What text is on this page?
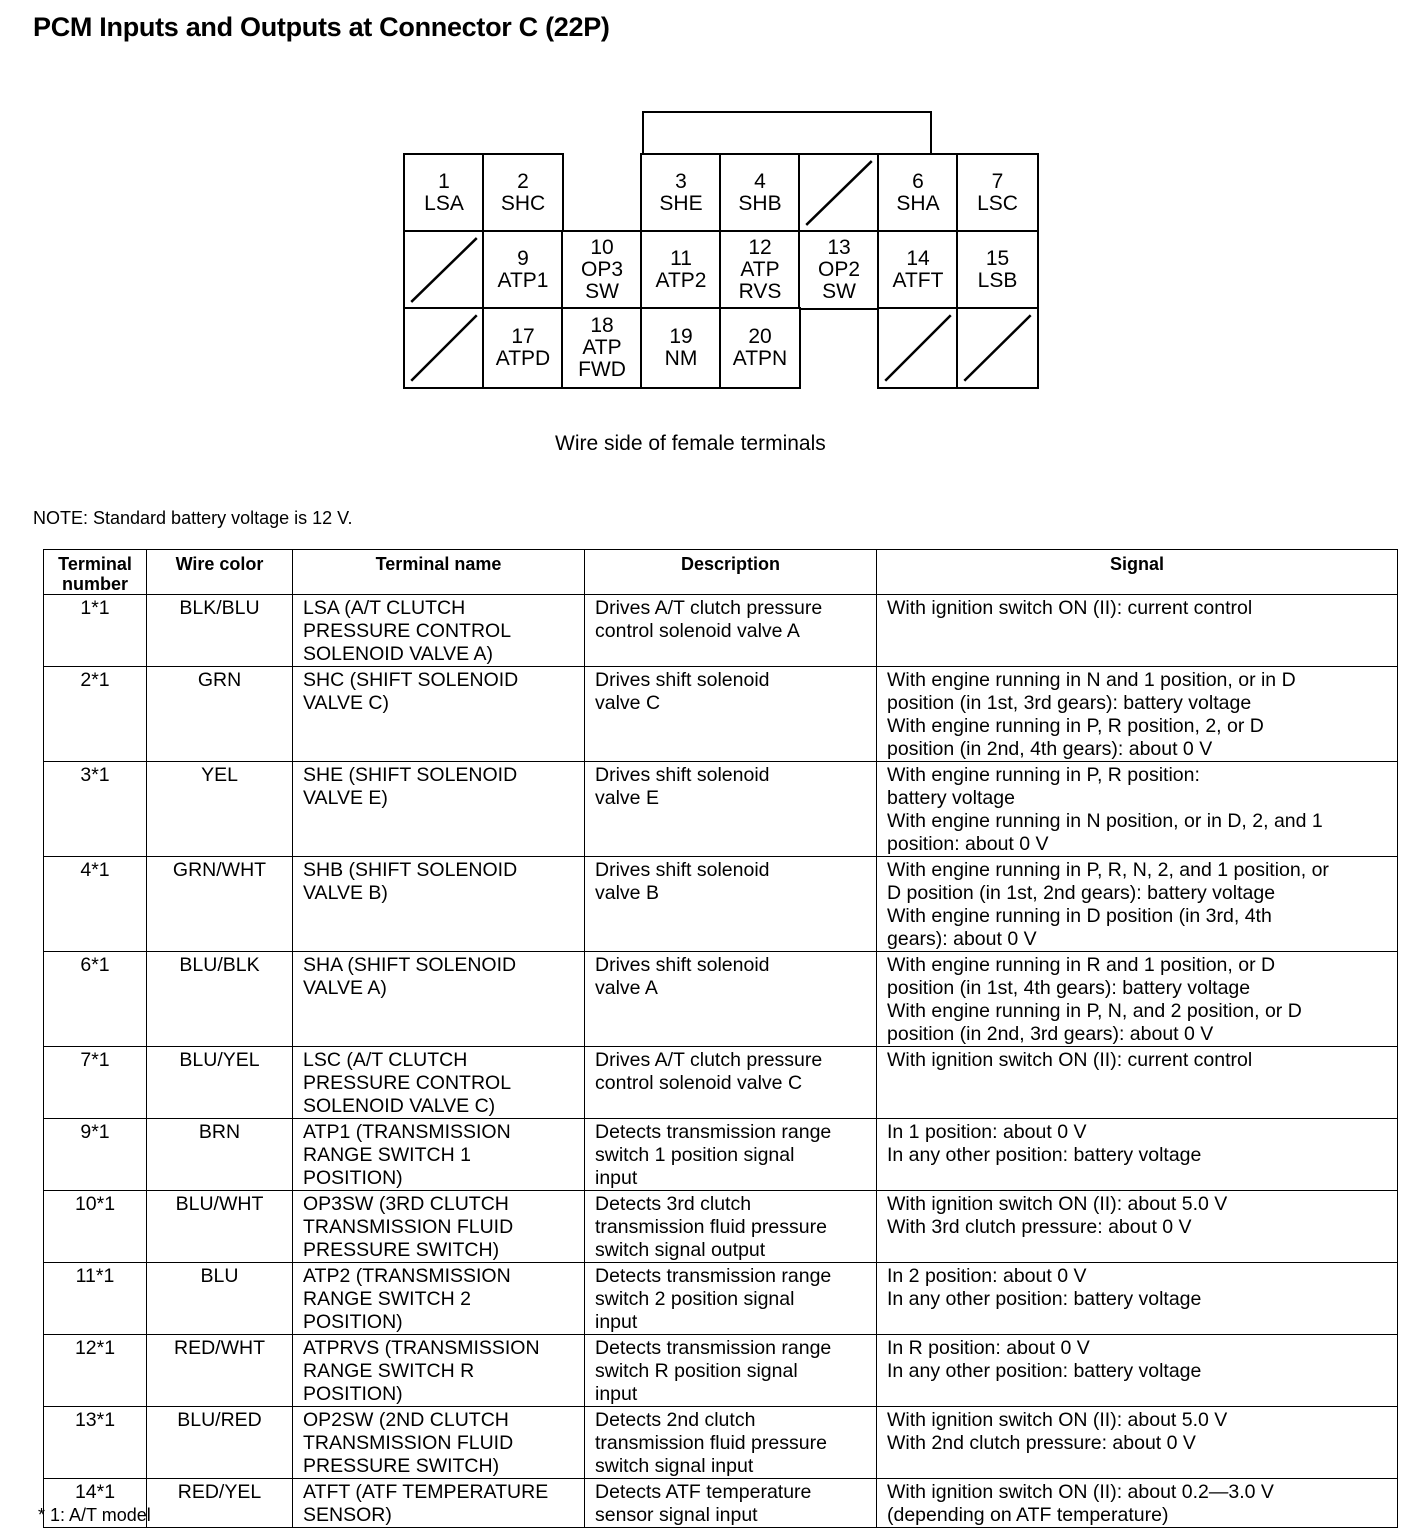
PCM Inputs and Outputs at Connector C (22P)
1
LSA
2
SHC
3
SHE
4
SHB
6
SHA
7
LSC
9
ATP1
10
OP3
SW
11
ATP2
12
ATP
RVS
13
OP2
SW
14
ATFT
15
LSB
17
ATPD
18
ATP
FWD
19
NM
20
ATPN
Wire side of female terminals
NOTE: Standard battery voltage is 12 V.
Terminal number	Wire color	Terminal name	Description	Signal
1*1	BLK/BLU	LSA (A/T CLUTCH
PRESSURE CONTROL
SOLENOID VALVE A)	Drives A/T clutch pressure
control solenoid valve A	With ignition switch ON (II): current control

2*1	GRN	SHC (SHIFT SOLENOID
VALVE C)	Drives shift solenoid
valve C	With engine running in N and 1 position, or in D
position (in 1st, 3rd gears): battery voltage
With engine running in P, R position, 2, or D
position (in 2nd, 4th gears): about 0 V

3*1	YEL	SHE (SHIFT SOLENOID
VALVE E)	Drives shift solenoid
valve E	With engine running in P, R position:
battery voltage
With engine running in N position, or in D, 2, and 1
position: about 0 V

4*1	GRN/WHT	SHB (SHIFT SOLENOID
VALVE B)	Drives shift solenoid
valve B	With engine running in P, R, N, 2, and 1 position, or
D position (in 1st, 2nd gears): battery voltage
With engine running in D position (in 3rd, 4th
gears): about 0 V

6*1	BLU/BLK	SHA (SHIFT SOLENOID
VALVE A)	Drives shift solenoid
valve A	With engine running in R and 1 position, or D
position (in 1st, 4th gears): battery voltage
With engine running in P, N, and 2 position, or D
position (in 2nd, 3rd gears): about 0 V

7*1	BLU/YEL	LSC (A/T CLUTCH
PRESSURE CONTROL
SOLENOID VALVE C)	Drives A/T clutch pressure
control solenoid valve C	With ignition switch ON (II): current control

9*1	BRN	ATP1 (TRANSMISSION
RANGE SWITCH 1
POSITION)	Detects transmission range
switch 1 position signal
input	In 1 position: about 0 V
In any other position: battery voltage

10*1	BLU/WHT	OP3SW (3RD CLUTCH
TRANSMISSION FLUID
PRESSURE SWITCH)	Detects 3rd clutch
transmission fluid pressure
switch signal output	With ignition switch ON (II): about 5.0 V
With 3rd clutch pressure: about 0 V

11*1	BLU	ATP2 (TRANSMISSION
RANGE SWITCH 2
POSITION)	Detects transmission range
switch 2 position signal
input	In 2 position: about 0 V
In any other position: battery voltage

12*1	RED/WHT	ATPRVS (TRANSMISSION
RANGE SWITCH R
POSITION)	Detects transmission range
switch R position signal
input	In R position: about 0 V
In any other position: battery voltage

13*1	BLU/RED	OP2SW (2ND CLUTCH
TRANSMISSION FLUID
PRESSURE SWITCH)	Detects 2nd clutch
transmission fluid pressure
switch signal input	With ignition switch ON (II): about 5.0 V
With 2nd clutch pressure: about 0 V

14*1	RED/YEL	ATFT (ATF TEMPERATURE
SENSOR)	Detects ATF temperature
sensor signal input	With ignition switch ON (II): about 0.2—3.0 V
(depending on ATF temperature)
* 1: A/T model
